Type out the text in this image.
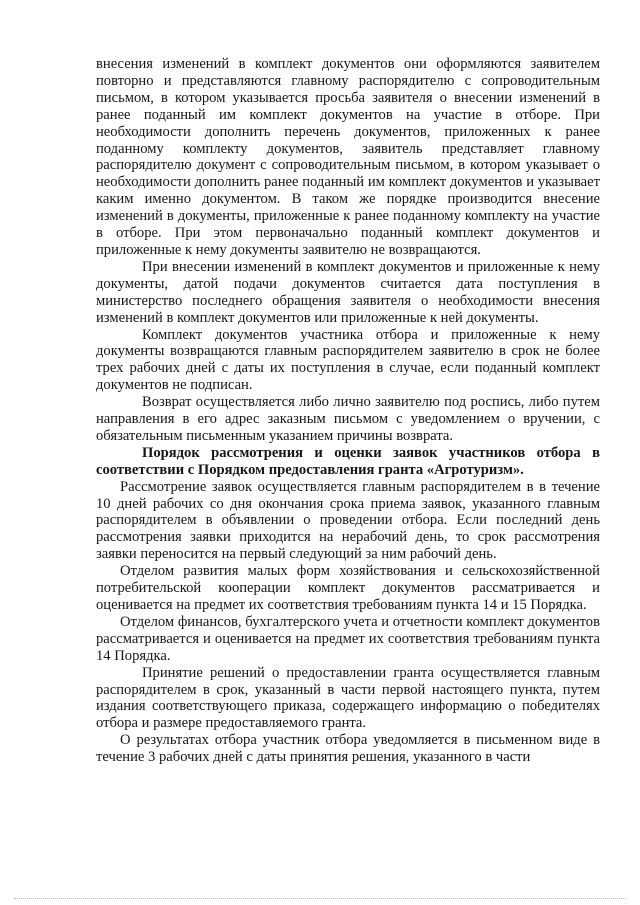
внесения изменений в комплект документов они оформляются заявителем повторно и представляются главному распорядителю с сопроводительным письмом, в котором указывается просьба заявителя о внесении изменений в ранее поданный им комплект документов на участие в отборе. При необходимости дополнить перечень документов, приложенных к ранее поданному комплекту документов, заявитель представляет главному распорядителю документ с сопроводительным письмом, в котором указывает о необходимости дополнить ранее поданный им комплект документов и указывает каким именно документом. В таком же порядке производится внесение изменений в документы, приложенные к ранее поданному комплекту на участие в отборе. При этом первоначально поданный комплект документов и приложенные к нему документы заявителю не возвращаются.

При внесении изменений в комплект документов и приложенные к нему документы, датой подачи документов считается дата поступления в министерство последнего обращения заявителя о необходимости внесения изменений в комплект документов или приложенные к ней документы.

Комплект документов участника отбора и приложенные к нему документы возвращаются главным распорядителем заявителю в срок не более трех рабочих дней с даты их поступления в случае, если поданный комплект документов не подписан.

Возврат осуществляется либо лично заявителю под роспись, либо путем направления в его адрес заказным письмом с уведомлением о вручении, с обязательным письменным указанием причины возврата.

Порядок рассмотрения и оценки заявок участников отбора в соответствии с Порядком предоставления гранта «Агротуризм».

Рассмотрение заявок осуществляется главным распорядителем в в течение 10 дней рабочих со дня окончания срока приема заявок, указанного главным распорядителем в объявлении о проведении отбора. Если последний день рассмотрения заявки приходится на нерабочий день, то срок рассмотрения заявки переносится на первый следующий за ним рабочий день.

Отделом развития малых форм хозяйствования и сельскохозяйственной потребительской кооперации комплект документов рассматривается и оценивается на предмет их соответствия требованиям пункта 14 и 15 Порядка.

Отделом финансов, бухгалтерского учета и отчетности комплект документов рассматривается и оценивается на предмет их соответствия требованиям пункта 14 Порядка.

Принятие решений о предоставлении гранта осуществляется главным распорядителем в срок, указанный в части первой настоящего пункта, путем издания соответствующего приказа, содержащего информацию о победителях отбора и размере предоставляемого гранта.

О результатах отбора участник отбора уведомляется в письменном виде в течение 3 рабочих дней с даты принятия решения, указанного в части
